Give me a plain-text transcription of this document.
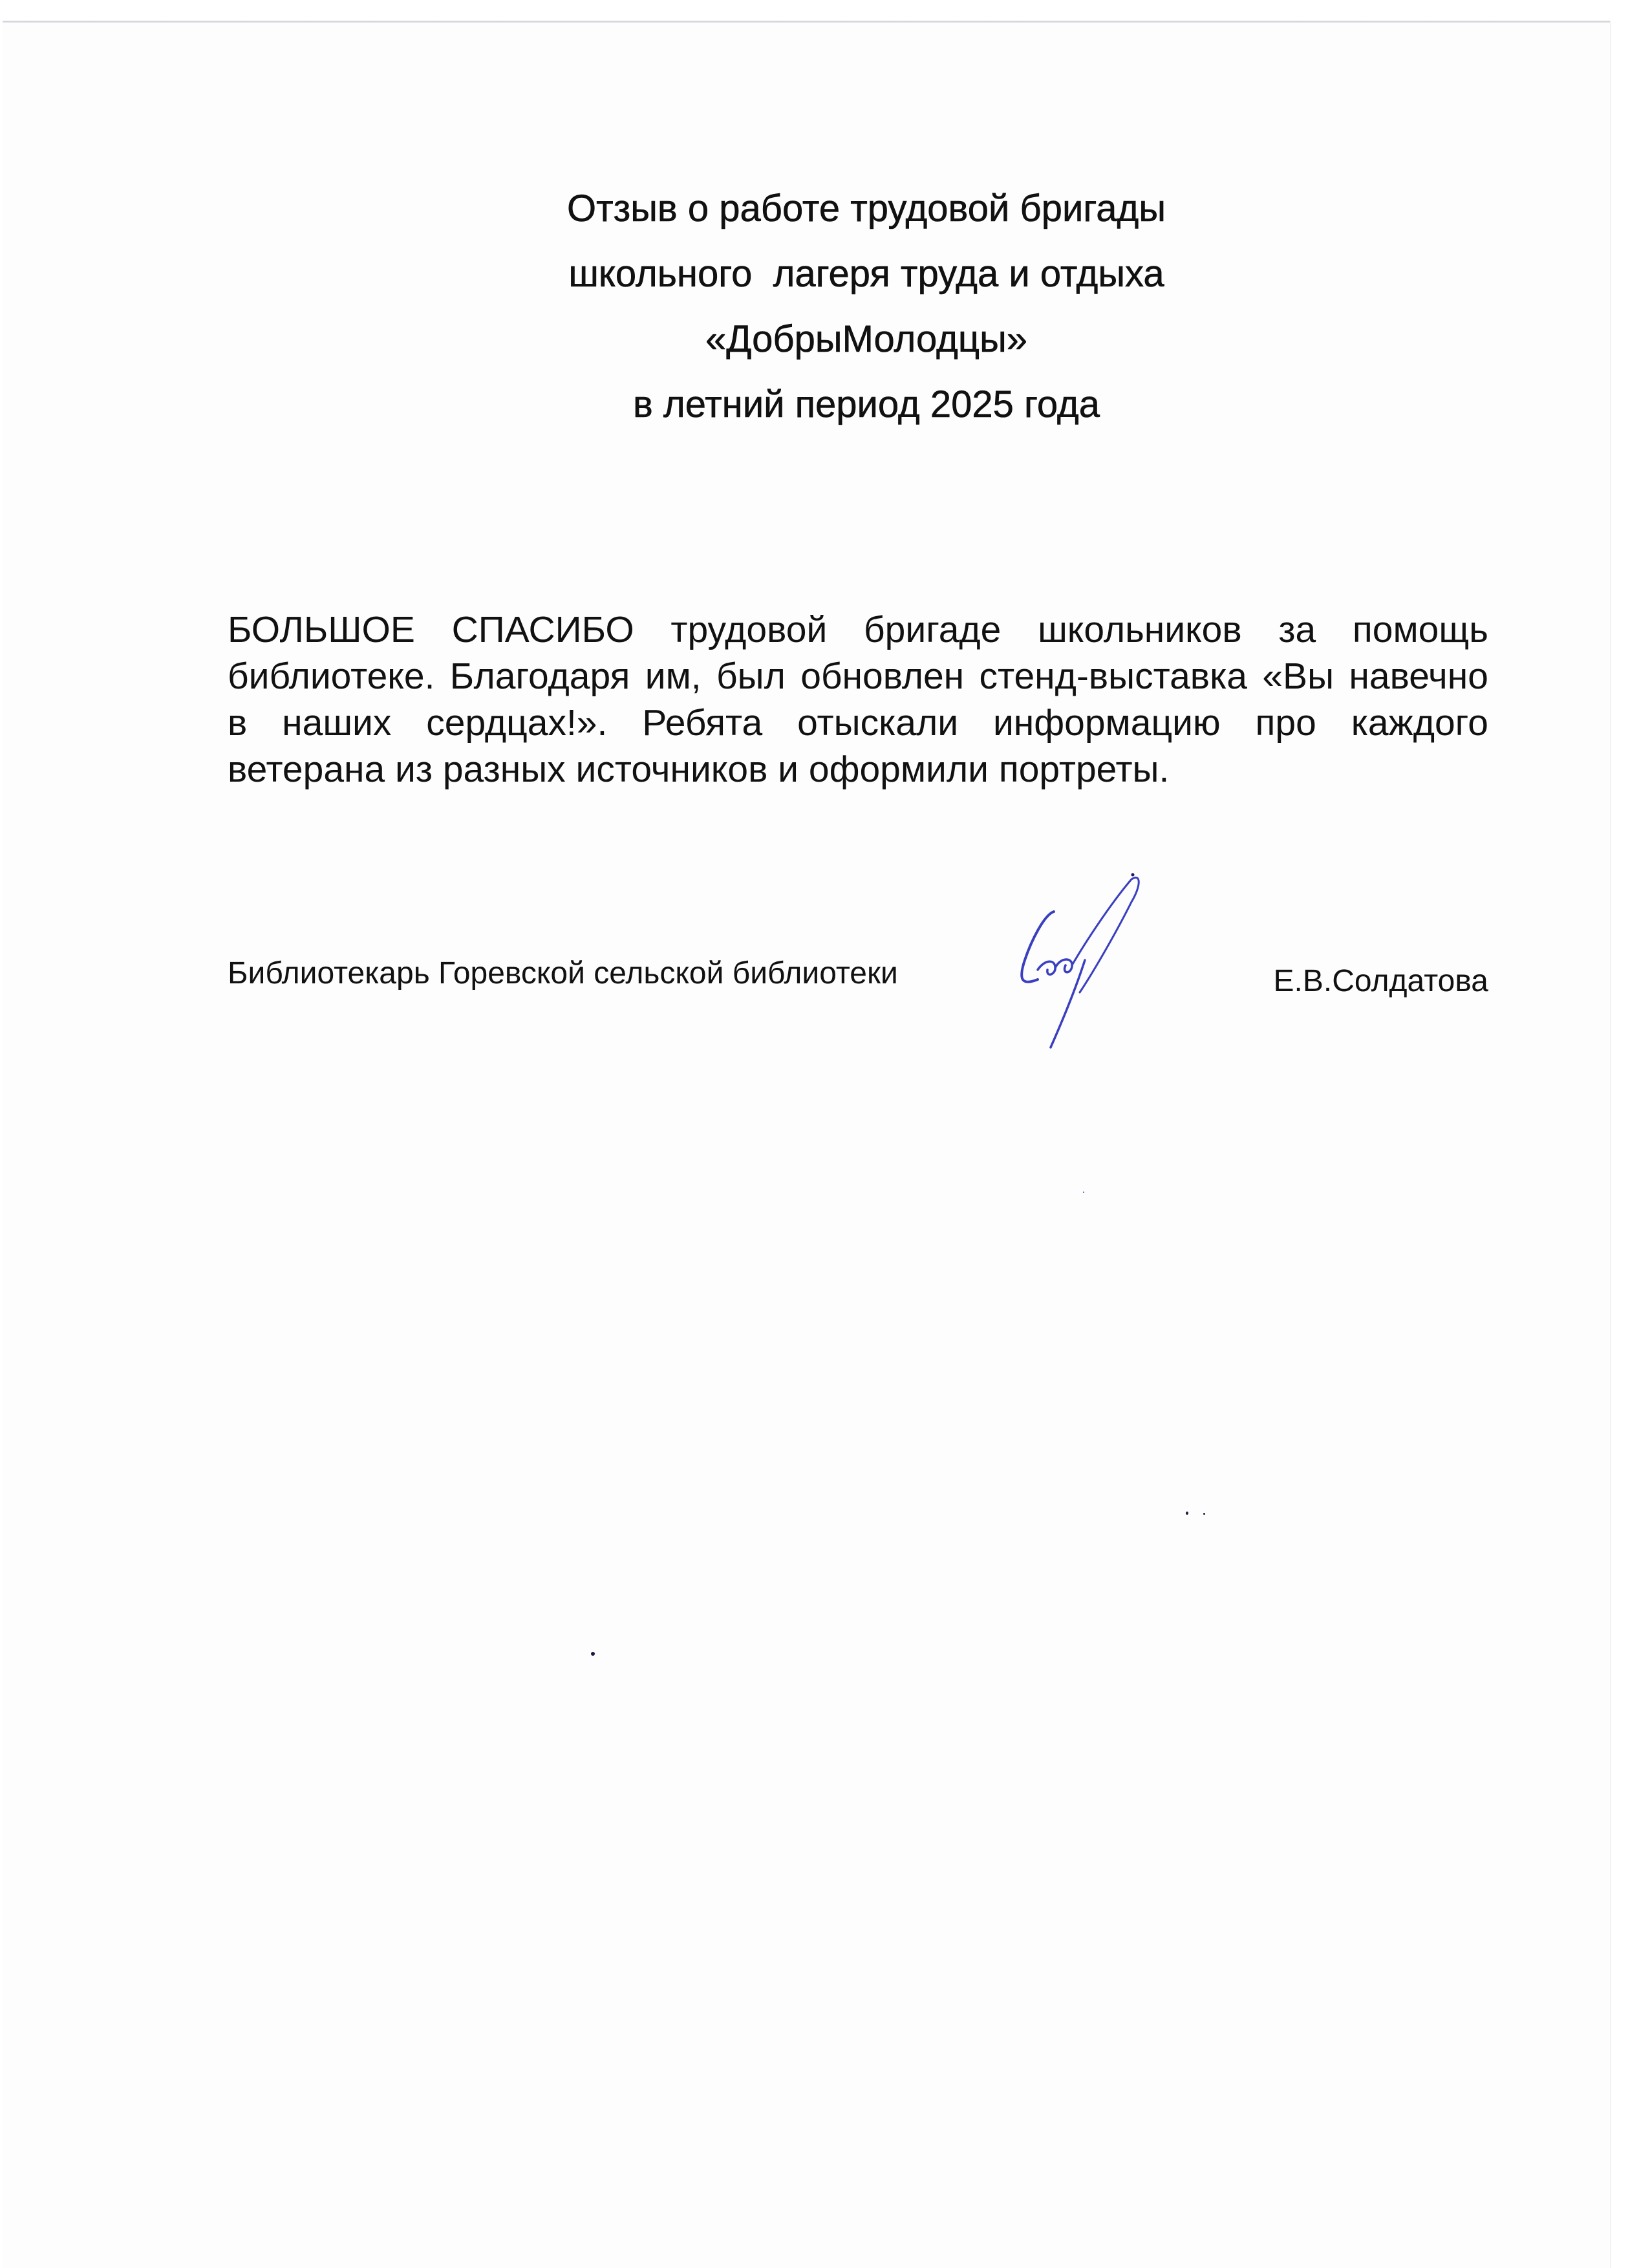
Отзыв о работе трудовой бригады
школьного  лагеря труда и отдыха
«ДобрыМолодцы»
в летний период 2025 года
БОЛЬШОЕ СПАСИБО трудовой бригаде школьников за помощь
библиотеке. Благодаря им, был обновлен стенд-выставка «Вы навечно
в наших сердцах!». Ребята отыскали информацию про каждого
ветерана из разных источников и оформили портреты.
Библиотекарь Горевской сельской библиотеки	Е.В.Солдатова
